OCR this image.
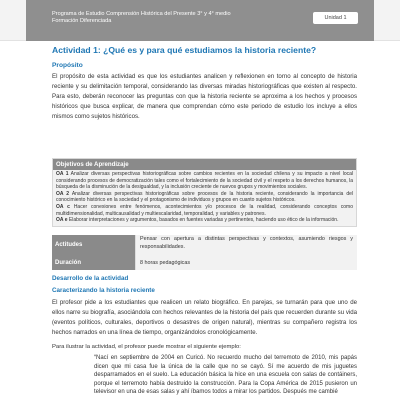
Programa de Estudio Comprensión Histórica del Presente 3° y 4° medio
Formación Diferenciada
Unidad 1
Actividad 1: ¿Qué es y para qué estudiamos la historia reciente?
Propósito
El propósito de esta actividad es que los estudiantes analicen y reflexionen en torno al concepto de historia reciente y su delimitación temporal, considerando las diversas miradas historiográficas que existen al respecto. Para esto, deberán reconocer las preguntas con que la historia reciente se aproxima a los hechos y procesos históricos que busca explicar, de manera que comprendan cómo este periodo de estudio los incluye a ellos mismos como sujetos históricos.
Objetivos de Aprendizaje
OA 1 Analizar diversas perspectivas historiográficas sobre cambios recientes en la sociedad chilena y su impacto a nivel local considerando procesos de democratización tales como el fortalecimiento de la sociedad civil y el respeto a los derechos humanos, la búsqueda de la disminución de la desigualdad, y la inclusión creciente de nuevos grupos y movimientos sociales.
OA 2 Analizar diversas perspectivas historiográficas sobre procesos de la historia reciente, considerando la importancia del conocimiento histórico en la sociedad y el protagonismo de individuos y grupos en cuanto sujetos históricos.
OA c Hacer conexiones entre fenómenos, acontecimientos y/o procesos de la realidad, considerando conceptos como multidimensionalidad, multicausalidad y multiescalaridad, temporalidad, y variables y patrones.
OA e Elaborar interpretaciones y argumentos, basados en fuentes variadas y pertinentes, haciendo uso ético de la información.
Actitudes
Pensar con apertura a distintas perspectivas y contextos, asumiendo riesgos y responsabilidades.
Duración	8 horas pedagógicas
Desarrollo de la actividad
Caracterizando la historia reciente
El profesor pide a los estudiantes que realicen un relato biográfico. En parejas, se turnarán para que uno de ellos narre su biografía, asociándola con hechos relevantes de la historia del país que recuerden durante su vida (eventos políticos, culturales, deportivos o desastres de origen natural), mientras su compañero registra los hechos narrados en una línea de tiempo, organizándolos cronológicamente.
Para ilustrar la actividad, el profesor puede mostrar el siguiente ejemplo:
“Nací en septiembre de 2004 en Curicó. No recuerdo mucho del terremoto de 2010, mis papás dicen que mi casa fue la única de la calle que no se cayó. Sí me acuerdo de mis juguetes desparramados en el suelo. La educación básica la hice en una escuela con salas de contáiners, porque el terremoto había destruido la construcción. Para la Copa América de 2015 pusieron un televisor en una de esas salas y ahí íbamos todos a mirar los partidos. Después me cambié
